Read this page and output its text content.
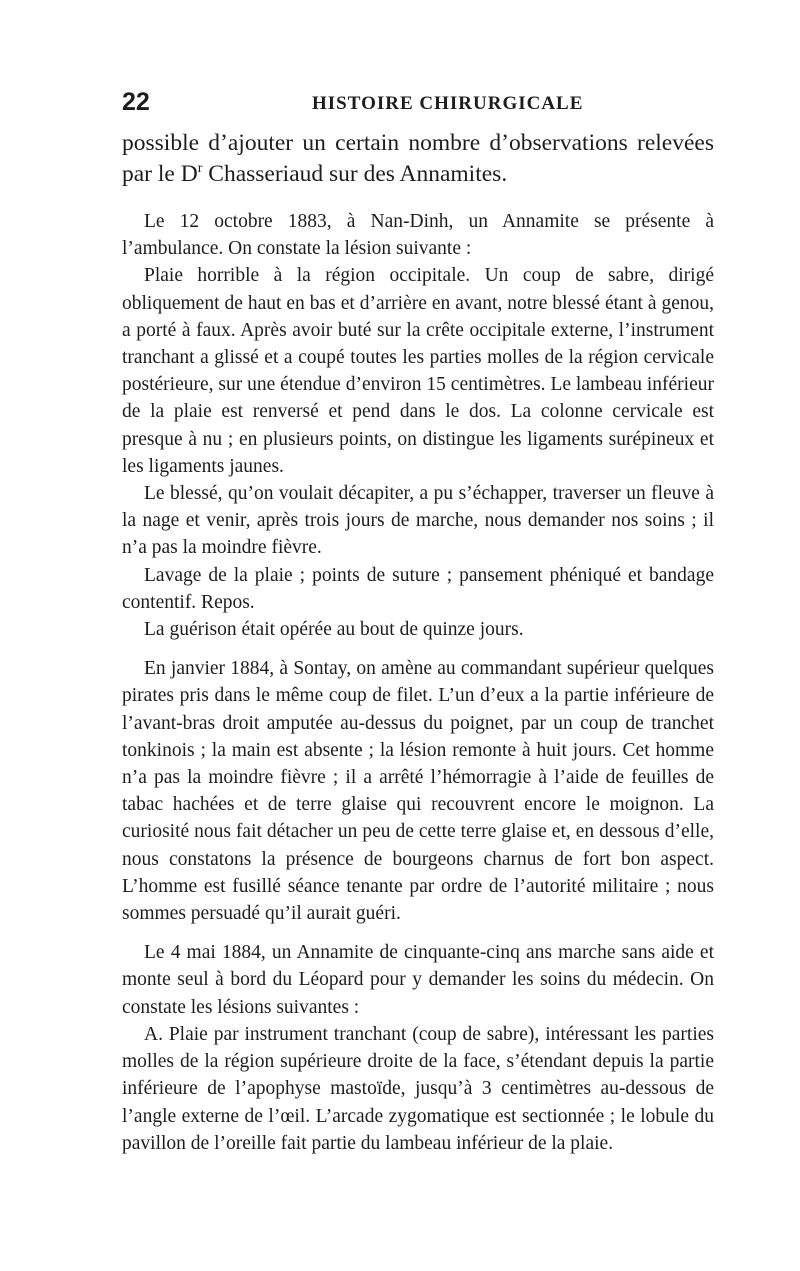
22	HISTOIRE CHIRURGICALE

possible d’ajouter un certain nombre d’observations relevées par le $D^r$ Chasseriaud sur des Annamites.

Le 12 octobre 1883, à Nan-Dinh, un Annamite se présente à l’ambulance. On constate la lésion suivante :

Plaie horrible à la région occipitale. Un coup de sabre, dirigé obliquement de haut en bas et d’arrière en avant, notre blessé étant à genou, a porté à faux. Après avoir buté sur la crête occipitale externe, l’instrument tranchant a glissé et a coupé toutes les parties molles de la région cervicale postérieure, sur une étendue d’environ 15 centimètres. Le lambeau inférieur de la plaie est renversé et pend dans le dos. La colonne cervicale est presque à nu ; en plusieurs points, on distingue les ligaments surépineux et les ligaments jaunes.

Le blessé, qu’on voulait décapiter, a pu s’échapper, traverser un fleuve à la nage et venir, après trois jours de marche, nous demander nos soins ; il n’a pas la moindre fièvre.

Lavage de la plaie ; points de suture ; pansement phéniqué et bandage contentif. Repos.

La guérison était opérée au bout de quinze jours.

En janvier 1884, à Sontay, on amène au commandant supérieur quelques pirates pris dans le même coup de filet. L’un d’eux a la partie inférieure de l’avant-bras droit amputée au-dessus du poignet, par un coup de tranchet tonkinois ; la main est absente ; la lésion remonte à huit jours. Cet homme n’a pas la moindre fièvre ; il a arrêté l’hémorragie à l’aide de feuilles de tabac hachées et de terre glaise qui recouvrent encore le moignon. La curiosité nous fait détacher un peu de cette terre glaise et, en dessous d’elle, nous constatons la présence de bourgeons charnus de fort bon aspect. L’homme est fusillé séance tenante par ordre de l’autorité militaire ; nous sommes persuadé qu’il aurait guéri.

Le 4 mai 1884, un Annamite de cinquante-cinq ans marche sans aide et monte seul à bord du Léopard pour y demander les soins du médecin. On constate les lésions suivantes :

A. Plaie par instrument tranchant (coup de sabre), intéressant les parties molles de la région supérieure droite de la face, s’étendant depuis la partie inférieure de l’apophyse mastoïde, jusqu’à 3 centimètres au-dessous de l’angle externe de l’œil. L’arcade zygomatique est sectionnée ; le lobule du pavillon de l’oreille fait partie du lambeau inférieur de la plaie.
